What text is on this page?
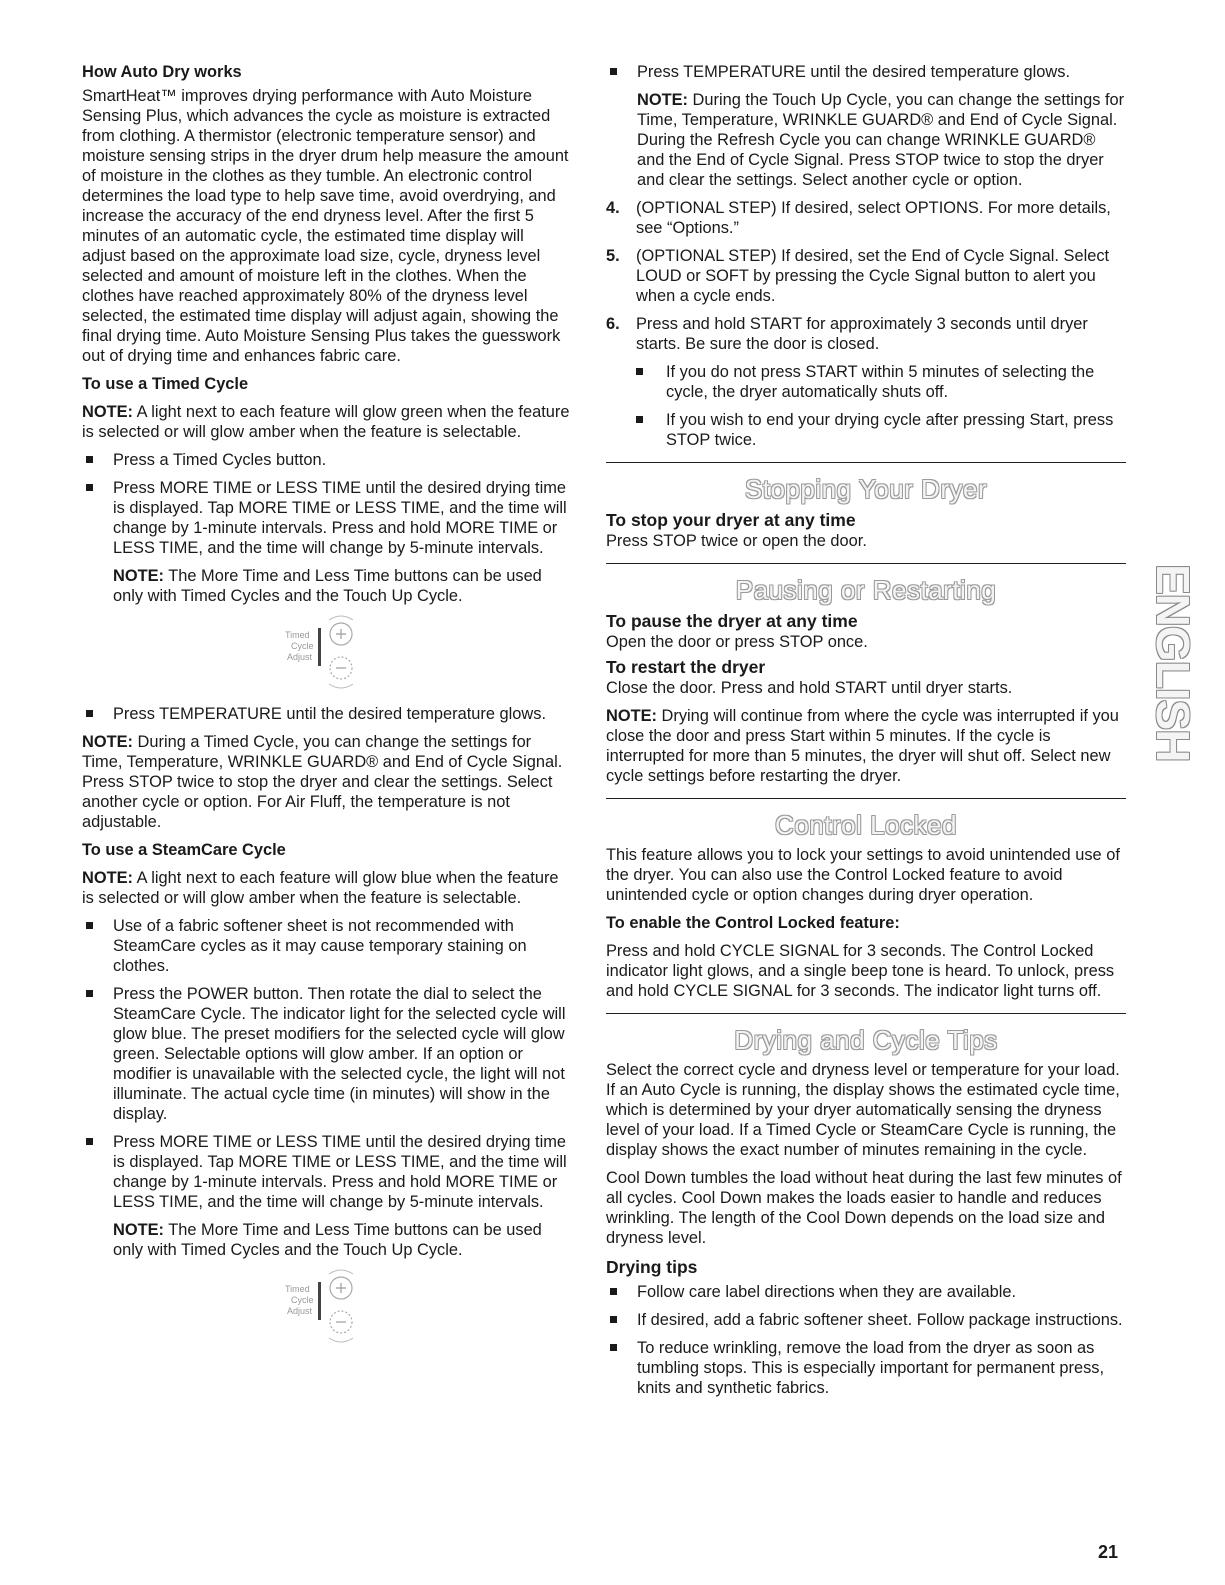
How Auto Dry works

SmartHeat™ improves drying performance with Auto Moisture Sensing Plus, which advances the cycle as moisture is extracted from clothing. A thermistor (electronic temperature sensor) and moisture sensing strips in the dryer drum help measure the amount of moisture in the clothes as they tumble. An electronic control determines the load type to help save time, avoid overdrying, and increase the accuracy of the end dryness level. After the first 5 minutes of an automatic cycle, the estimated time display will adjust based on the approximate load size, cycle, dryness level selected and amount of moisture left in the clothes. When the clothes have reached approximately 80% of the dryness level selected, the estimated time display will adjust again, showing the final drying time. Auto Moisture Sensing Plus takes the guesswork out of drying time and enhances fabric care.

To use a Timed Cycle

NOTE: A light next to each feature will glow green when the feature is selected or will glow amber when the feature is selectable.

Press a Timed Cycles button.

Press MORE TIME or LESS TIME until the desired drying time is displayed. Tap MORE TIME or LESS TIME, and the time will change by 1-minute intervals. Press and hold MORE TIME or LESS TIME, and the time will change by 5-minute intervals.

NOTE: The More Time and Less Time buttons can be used only with Timed Cycles and the Touch Up Cycle.

Timed
Cycle
Adjust

Press TEMPERATURE until the desired temperature glows.

NOTE: During a Timed Cycle, you can change the settings for Time, Temperature, WRINKLE GUARD® and End of Cycle Signal. Press STOP twice to stop the dryer and clear the settings. Select another cycle or option. For Air Fluff, the temperature is not adjustable.

To use a SteamCare Cycle

NOTE: A light next to each feature will glow blue when the feature is selected or will glow amber when the feature is selectable.

Use of a fabric softener sheet is not recommended with SteamCare cycles as it may cause temporary staining on clothes.

Press the POWER button. Then rotate the dial to select the SteamCare Cycle. The indicator light for the selected cycle will glow blue. The preset modifiers for the selected cycle will glow green. Selectable options will glow amber. If an option or modifier is unavailable with the selected cycle, the light will not illuminate. The actual cycle time (in minutes) will show in the display.

Press MORE TIME or LESS TIME until the desired drying time is displayed. Tap MORE TIME or LESS TIME, and the time will change by 1-minute intervals. Press and hold MORE TIME or LESS TIME, and the time will change by 5-minute intervals.

NOTE: The More Time and Less Time buttons can be used only with Timed Cycles and the Touch Up Cycle.

Timed
Cycle
Adjust

Press TEMPERATURE until the desired temperature glows.

NOTE: During the Touch Up Cycle, you can change the settings for Time, Temperature, WRINKLE GUARD® and End of Cycle Signal. During the Refresh Cycle you can change WRINKLE GUARD® and the End of Cycle Signal. Press STOP twice to stop the dryer and clear the settings. Select another cycle or option.

4. (OPTIONAL STEP) If desired, select OPTIONS. For more details, see “Options.”

5. (OPTIONAL STEP) If desired, set the End of Cycle Signal. Select LOUD or SOFT by pressing the Cycle Signal button to alert you when a cycle ends.

6. Press and hold START for approximately 3 seconds until dryer starts. Be sure the door is closed.

If you do not press START within 5 minutes of selecting the cycle, the dryer automatically shuts off.

If you wish to end your drying cycle after pressing Start, press STOP twice.

Stopping Your Dryer

To stop your dryer at any time

Press STOP twice or open the door.

Pausing or Restarting

To pause the dryer at any time

Open the door or press STOP once.

To restart the dryer

Close the door. Press and hold START until dryer starts.

NOTE: Drying will continue from where the cycle was interrupted if you close the door and press Start within 5 minutes. If the cycle is interrupted for more than 5 minutes, the dryer will shut off. Select new cycle settings before restarting the dryer.

Control Locked

This feature allows you to lock your settings to avoid unintended use of the dryer. You can also use the Control Locked feature to avoid unintended cycle or option changes during dryer operation.

To enable the Control Locked feature:

Press and hold CYCLE SIGNAL for 3 seconds. The Control Locked indicator light glows, and a single beep tone is heard. To unlock, press and hold CYCLE SIGNAL for 3 seconds. The indicator light turns off.

Drying and Cycle Tips

Select the correct cycle and dryness level or temperature for your load. If an Auto Cycle is running, the display shows the estimated cycle time, which is determined by your dryer automatically sensing the dryness level of your load. If a Timed Cycle or SteamCare Cycle is running, the display shows the exact number of minutes remaining in the cycle.

Cool Down tumbles the load without heat during the last few minutes of all cycles. Cool Down makes the loads easier to handle and reduces wrinkling. The length of the Cool Down depends on the load size and dryness level.

Drying tips

Follow care label directions when they are available.

If desired, add a fabric softener sheet. Follow package instructions.

To reduce wrinkling, remove the load from the dryer as soon as tumbling stops. This is especially important for permanent press, knits and synthetic fabrics.

ENGLISH
21
